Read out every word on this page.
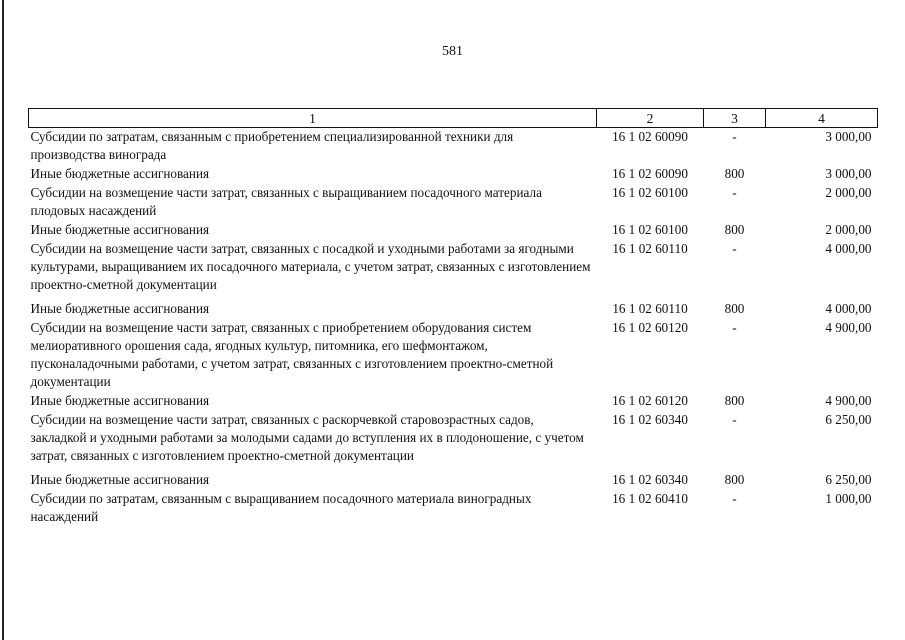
581
1	2	3	4
Субсидии по затратам, связанным с приобретением специализированной техники для производства винограда	16 1 02 60090	-	3 000,00
Иные бюджетные ассигнования	16 1 02 60090	800	3 000,00
Субсидии на возмещение части затрат, связанных с выращиванием посадочного материала плодовых насаждений	16 1 02 60100	-	2 000,00
Иные бюджетные ассигнования	16 1 02 60100	800	2 000,00
Субсидии на возмещение части затрат, связанных с посадкой и уходными работами за ягодными культурами, выращиванием их посадочного материала, с учетом затрат, связанных с изготовлением проектно-сметной документации	16 1 02 60110	-	4 000,00
Иные бюджетные ассигнования	16 1 02 60110	800	4 000,00
Субсидии на возмещение части затрат, связанных с приобретением оборудования систем мелиоративного орошения сада, ягодных культур, питомника, его шефмонтажом, пусконаладочными работами, с учетом затрат, связанных с изготовлением проектно-сметной документации	16 1 02 60120	-	4 900,00
Иные бюджетные ассигнования	16 1 02 60120	800	4 900,00
Субсидии на возмещение части затрат, связанных с раскорчевкой старовозрастных садов, закладкой и уходными работами за молодыми садами до вступления их в плодоношение, с учетом затрат, связанных с изготовлением проектно-сметной документации	16 1 02 60340	-	6 250,00
Иные бюджетные ассигнования	16 1 02 60340	800	6 250,00
Субсидии по затратам, связанным с выращиванием посадочного материала виноградных насаждений	16 1 02 60410	-	1 000,00
